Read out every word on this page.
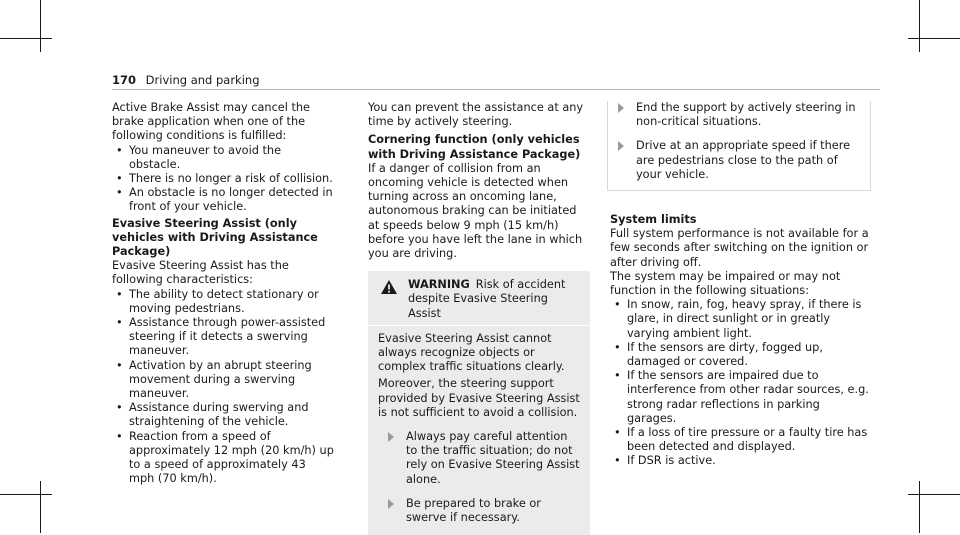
170 Driving and parking

Active Brake Assist may cancel the brake application when one of the following conditions is fulfilled:

• You maneuver to avoid the obstacle.
• There is no longer a risk of collision.
• An obstacle is no longer detected in front of your vehicle.

Evasive Steering Assist (only vehicles with Driving Assistance Package)

Evasive Steering Assist has the following characteristics:

• The ability to detect stationary or moving pedestrians.
• Assistance through power-assisted steering if it detects a swerving maneuver.
• Activation by an abrupt steering movement during a swerving maneuver.
• Assistance during swerving and straightening of the vehicle.
• Reaction from a speed of approximately 12 mph (20 km/h) up to a speed of approximately 43 mph (70 km/h).

You can prevent the assistance at any time by actively steering.

Cornering function (only vehicles with Driving Assistance Package)

If a danger of collision from an oncoming vehicle is detected when turning across an oncoming lane, autonomous braking can be initiated at speeds below 9 mph (15 km/h) before you have left the lane in which you are driving.

WARNING Risk of accident despite Evasive Steering Assist

Evasive Steering Assist cannot always recognize objects or complex traffic situations clearly.

Moreover, the steering support provided by Evasive Steering Assist is not sufficient to avoid a collision.

Always pay careful attention to the traffic situation; do not rely on Evasive Steering Assist alone.
Be prepared to brake or swerve if necessary.
End the support by actively steering in non-critical situations.
Drive at an appropriate speed if there are pedestrians close to the path of your vehicle.

System limits

Full system performance is not available for a few seconds after switching on the ignition or after driving off.

The system may be impaired or may not function in the following situations:

• In snow, rain, fog, heavy spray, if there is glare, in direct sunlight or in greatly varying ambient light.
• If the sensors are dirty, fogged up, damaged or covered.
• If the sensors are impaired due to interference from other radar sources, e.g. strong radar reflections in parking garages.
• If a loss of tire pressure or a faulty tire has been detected and displayed.
• If DSR is active.
